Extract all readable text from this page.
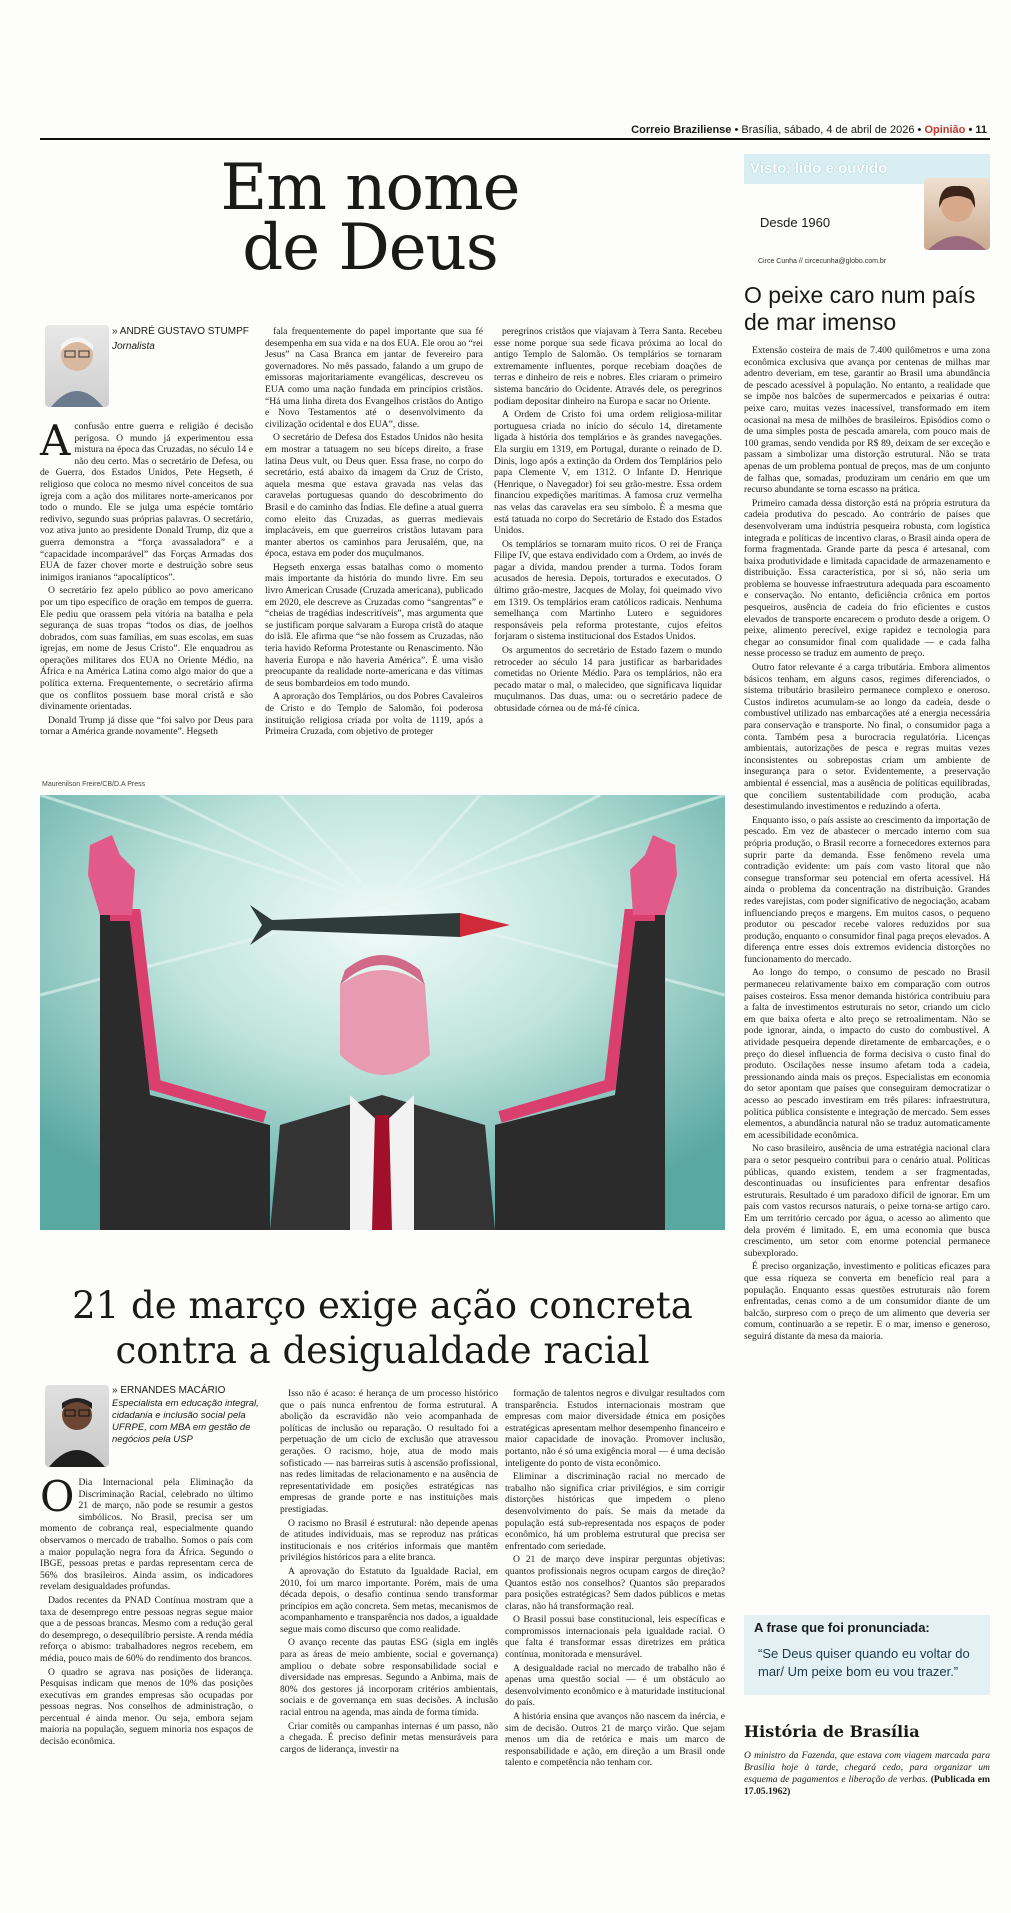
Correio Braziliense • Brasília, sábado, 4 de abril de 2026 • Opinião • 11
Em nome
de Deus
» ANDRÉ GUSTAVO STUMPF
Jornalista

Aconfusão entre guerra e religião é decisão perigosa. O mundo já experimentou essa mistura na época das Cruzadas, no século 14 e não deu certo. Mas o secretário de Defesa, ou de Guerra, dos Estados Unidos, Pete Hegseth, é religioso que coloca no mesmo nível conceitos de sua igreja com a ação dos militares norte-americanos por todo o mundo. Ele se julga uma espécie tomtário redivivo, segundo suas próprias palavras. O secretário, voz ativa junto ao presidente Donald Trump, diz que a guerra demonstra a “força avassaladora” e a “capacidade incomparável” das Forças Armadas dos EUA de fazer chover morte e destruição sobre seus inimigos iranianos “apocalípticos”.

O secretário fez apelo público ao povo americano por um tipo específico de oração em tempos de guerra. Ele pediu que orassem pela vitória na batalha e pela segurança de suas tropas “todos os dias, de joelhos dobrados, com suas famílias, em suas escolas, em suas igrejas, em nome de Jesus Cristo”. Ele enquadrou as operações militares dos EUA no Oriente Médio, na África e na América Latina como algo maior do que a política externa. Frequentemente, o secretário afirma que os conflitos possuem base moral cristã e são divinamente orientadas.

Donald Trump já disse que “foi salvo por Deus para tornar a América grande novamente”. Hegseth

fala frequentemente do papel importante que sua fé desempenha em sua vida e na dos EUA. Ele orou ao “rei Jesus” na Casa Branca em jantar de fevereiro para governadores. No mês passado, falando a um grupo de emissoras majoritariamente evangélicas, descreveu os EUA como uma nação fundada em princípios cristãos. “Há uma linha direta dos Evangelhos cristãos do Antigo e Novo Testamentos até o desenvolvimento da civilização ocidental e dos EUA”, disse.

O secretário de Defesa dos Estados Unidos não hesita em mostrar a tatuagem no seu bíceps direito, a frase latina Deus vult, ou Deus quer. Essa frase, no corpo do secretário, está abaixo da imagem da Cruz de Cristo, aquela mesma que estava gravada nas velas das caravelas portuguesas quando do descobrimento do Brasil e do caminho das Índias. Ele define a atual guerra como eleito das Cruzadas, as guerras medievais implacáveis, em que guerreiros cristãos lutavam para manter abertos os caminhos para Jerusalém, que, na época, estava em poder dos muçulmanos.

Hegseth enxerga essas batalhas como o momento mais importante da história do mundo livre. Em seu livro American Crusade (Cruzada americana), publicado em 2020, ele descreve as Cruzadas como “sangrentas” e “cheias de tragédias indescritíveis”, mas argumenta que se justificam porque salvaram a Europa cristã do ataque do islã. Ele afirma que “se não fossem as Cruzadas, não teria havido Reforma Protestante ou Renascimento. Não haveria Europa e não haveria América”. É uma visão preocupante da realidade norte-americana e das vítimas de seus bombardeios em todo mundo.

A aproração dos Templários, ou dos Pobres Cavaleiros de Cristo e do Templo de Salomão, foi poderosa instituição religiosa criada por volta de 1119, após a Primeira Cruzada, com objetivo de proteger

peregrinos cristãos que viajavam à Terra Santa. Recebeu esse nome porque sua sede ficava próxima ao local do antigo Templo de Salomão. Os templários se tornaram extremamente influentes, porque recebiam doações de terras e dinheiro de reis e nobres. Eles criaram o primeiro sistema bancário do Ocidente. Através dele, os peregrinos podiam depositar dinheiro na Europa e sacar no Oriente.

A Ordem de Cristo foi uma ordem religiosa-militar portuguesa criada no início do século 14, diretamente ligada à história dos templários e às grandes navegações. Ela surgiu em 1319, em Portugal, durante o reinado de D. Dinis, logo após a extinção da Ordem dos Templários pelo papa Clemente V, em 1312. O Infante D. Henrique (Henrique, o Navegador) foi seu grão-mestre. Essa ordem financiou expedições marítimas. A famosa cruz vermelha nas velas das caravelas era seu símbolo. É a mesma que está tatuada no corpo do Secretário de Estado dos Estados Unidos.

Os templários se tornaram muito ricos. O rei de França Filipe IV, que estava endividado com a Ordem, ao invés de pagar a dívida, mandou prender a turma. Todos foram acusados de heresia. Depois, torturados e executados. O último grão-mestre, Jacques de Molay, foi queimado vivo em 1319. Os templários eram católicos radicais. Nenhuma semelhança com Martinho Lutero e seguidores responsáveis pela reforma protestante, cujos efeitos forjaram o sistema institucional dos Estados Unidos.

Os argumentos do secretário de Estado fazem o mundo retroceder ao século 14 para justificar as barbaridades cometidas no Oriente Médio. Para os templários, não era pecado matar o mal, o malecideo, que significava liquidar muçulmanos. Das duas, uma: ou o secretário padece de obtusidade córnea ou de má-fé cínica.

Maurenilson Freire/CB/D.A Press
21 de março exige ação concreta
contra a desigualdade racial
» ERNANDES MACÁRIO
Especialista em educação integral, cidadania e inclusão social pela UFRPE, com MBA em gestão de negócios pela USP

O Dia Internacional pela Eliminação da Discriminação Racial, celebrado no último 21 de março, não pode se resumir a gestos simbólicos. No Brasil, precisa ser um momento de cobrança real, especialmente quando observamos o mercado de trabalho. Somos o país com a maior população negra fora da África. Segundo o IBGE, pessoas pretas e pardas representam cerca de 56% dos brasileiros. Ainda assim, os indicadores revelam desigualdades profundas.

Dados recentes da PNAD Contínua mostram que a taxa de desemprego entre pessoas negras segue maior que a de pessoas brancas. Mesmo com a redução geral do desemprego, o desequilíbrio persiste. A renda média reforça o abismo: trabalhadores negros recebem, em média, pouco mais de 60% do rendimento dos brancos.

O quadro se agrava nas posições de liderança. Pesquisas indicam que menos de 10% das posições executivas em grandes empresas são ocupadas por pessoas negras. Nos conselhos de administração, o percentual é ainda menor. Ou seja, embora sejam maioria na população, seguem minoria nos espaços de decisão econômica.

Isso não é acaso: é herança de um processo histórico que o país nunca enfrentou de forma estrutural. A abolição da escravidão não veio acompanhada de políticas de inclusão ou reparação. O resultado foi a perpetuação de um ciclo de exclusão que atravessou gerações. O racismo, hoje, atua de modo mais sofisticado — nas barreiras sutis à ascensão profissional, nas redes limitadas de relacionamento e na ausência de representatividade em posições estratégicas nas empresas de grande porte e nas instituições mais prestigiadas.

O racismo no Brasil é estrutural: não depende apenas de atitudes individuais, mas se reproduz nas práticas institucionais e nos critérios informais que mantêm privilégios históricos para a elite branca.

A aprovação do Estatuto da Igualdade Racial, em 2010, foi um marco importante. Porém, mais de uma década depois, o desafio continua sendo transformar princípios em ação concreta. Sem metas, mecanismos de acompanhamento e transparência nos dados, a igualdade segue mais como discurso que como realidade.

O avanço recente das pautas ESG (sigla em inglês para as áreas de meio ambiente, social e governança) ampliou o debate sobre responsabilidade social e diversidade nas empresas. Segundo a Anbima, mais de 80% dos gestores já incorporam critérios ambientais, sociais e de governança em suas decisões. A inclusão racial entrou na agenda, mas ainda de forma tímida.

Criar comitês ou campanhas internas é um passo, não a chegada. É preciso definir metas mensuráveis para cargos de liderança, investir na

formação de talentos negros e divulgar resultados com transparência. Estudos internacionais mostram que empresas com maior diversidade étnica em posições estratégicas apresentam melhor desempenho financeiro e maior capacidade de inovação. Promover inclusão, portanto, não é só uma exigência moral — é uma decisão inteligente do ponto de vista econômico.

Eliminar a discriminação racial no mercado de trabalho não significa criar privilégios, e sim corrigir distorções históricas que impedem o pleno desenvolvimento do país. Se mais da metade da população está sub-representada nos espaços de poder econômico, há um problema estrutural que precisa ser enfrentado com seriedade.

O 21 de março deve inspirar perguntas objetivas: quantos profissionais negros ocupam cargos de direção? Quantos estão nos conselhos? Quantos são preparados para posições estratégicas? Sem dados públicos e metas claras, não há transformação real.

O Brasil possui base constitucional, leis específicas e compromissos internacionais pela igualdade racial. O que falta é transformar essas diretrizes em prática contínua, monitorada e mensurável.

A desigualdade racial no mercado de trabalho não é apenas uma questão social — é um obstáculo ao desenvolvimento econômico e à maturidade institucional do país.

A história ensina que avanços não nascem da inércia, e sim de decisão. Outros 21 de março virão. Que sejam menos um dia de retórica e mais um marco de responsabilidade e ação, em direção a um Brasil onde talento e competência não tenham cor.

Visto, lido e ouvido
Desde 1960
Circe Cunha // circecunha@globo.com.br
O peixe caro num país de mar imenso

Extensão costeira de mais de 7.400 quilômetros e uma zona econômica exclusiva que avança por centenas de milhas mar adentro deveriam, em tese, garantir ao Brasil uma abundância de pescado acessível à população. No entanto, a realidade que se impõe nos balcões de supermercados e peixarias é outra: peixe caro, muitas vezes inacessível, transformado em item ocasional na mesa de milhões de brasileiros. Episódios como o de uma simples posta de pescada amarela, com pouco mais de 100 gramas, sendo vendida por R$ 89, deixam de ser exceção e passam a simbolizar uma distorção estrutural. Não se trata apenas de um problema pontual de preços, mas de um conjunto de falhas que, somadas, produziram um cenário em que um recurso abundante se torna escasso na prática.

Primeiro camada dessa distorção está na própria estrutura da cadeia produtiva do pescado. Ao contrário de países que desenvolveram uma indústria pesqueira robusta, com logística integrada e políticas de incentivo claras, o Brasil ainda opera de forma fragmentada. Grande parte da pesca é artesanal, com baixa produtividade e limitada capacidade de armazenamento e distribuição. Essa característica, por si só, não seria um problema se houvesse infraestrutura adequada para escoamento e conservação. No entanto, deficiência crônica em portos pesqueiros, ausência de cadeia do frio eficientes e custos elevados de transporte encarecem o produto desde a origem. O peixe, alimento perecível, exige rapidez e tecnologia para chegar ao consumidor final com qualidade — e cada falha nesse processo se traduz em aumento de preço.

Outro fator relevante é a carga tributária. Embora alimentos básicos tenham, em alguns casos, regimes diferenciados, o sistema tributário brasileiro permanece complexo e oneroso. Custos indiretos acumulam-se ao longo da cadeia, desde o combustível utilizado nas embarcações até a energia necessária para conservação e transporte. No final, o consumidor paga a conta. Também pesa a burocracia regulatória. Licenças ambientais, autorizações de pesca e regras muitas vezes inconsistentes ou sobrepostas criam um ambiente de insegurança para o setor. Evidentemente, a preservação ambiental é essencial, mas a ausência de políticas equilibradas, que conciliem sustentabilidade com produção, acaba desestimulando investimentos e reduzindo a oferta.

Enquanto isso, o país assiste ao crescimento da importação de pescado. Em vez de abastecer o mercado interno com sua própria produção, o Brasil recorre a fornecedores externos para suprir parte da demanda. Esse fenômeno revela uma contradição evidente: um país com vasto litoral que não consegue transformar seu potencial em oferta acessível. Há ainda o problema da concentração na distribuição. Grandes redes varejistas, com poder significativo de negociação, acabam influenciando preços e margens. Em muitos casos, o pequeno produtor ou pescador recebe valores reduzidos por sua produção, enquanto o consumidor final paga preços elevados. A diferença entre esses dois extremos evidencia distorções no funcionamento do mercado.

Ao longo do tempo, o consumo de pescado no Brasil permaneceu relativamente baixo em comparação com outros países costeiros. Essa menor demanda histórica contribuiu para a falta de investimentos estruturais no setor, criando um ciclo em que baixa oferta e alto preço se retroalimentam. Não se pode ignorar, ainda, o impacto do custo do combustível. A atividade pesqueira depende diretamente de embarcações, e o preço do diesel influencia de forma decisiva o custo final do produto. Oscilações nesse insumo afetam toda a cadeia, pressionando ainda mais os preços. Especialistas em economia do setor apontam que países que conseguiram democratizar o acesso ao pescado investiram em três pilares: infraestrutura, política pública consistente e integração de mercado. Sem esses elementos, a abundância natural não se traduz automaticamente em acessibilidade econômica.

No caso brasileiro, ausência de uma estratégia nacional clara para o setor pesqueiro contribui para o cenário atual. Políticas públicas, quando existem, tendem a ser fragmentadas, descontinuadas ou insuficientes para enfrentar desafios estruturais. Resultado é um paradoxo difícil de ignorar. Em um país com vastos recursos naturais, o peixe torna-se artigo caro. Em um território cercado por água, o acesso ao alimento que dela provém é limitado. E, em uma economia que busca crescimento, um setor com enorme potencial permanece subexplorado.

É preciso organização, investimento e políticas eficazes para que essa riqueza se converta em benefício real para a população. Enquanto essas questões estruturais não forem enfrentadas, cenas como a de um consumidor diante de um balcão, surpreso com o preço de um alimento que deveria ser comum, continuarão a se repetir. E o mar, imenso e generoso, seguirá distante da mesa da maioria.

A frase que foi pronunciada:
“Se Deus quiser quando eu voltar do mar/ Um peixe bom eu vou trazer.”
História de Brasília
O ministro da Fazenda, que estava com viagem marcada para Brasília hoje à tarde, chegará cedo, para organizar um esquema de pagamentos e liberação de verbas. (Publicada em 17.05.1962)
